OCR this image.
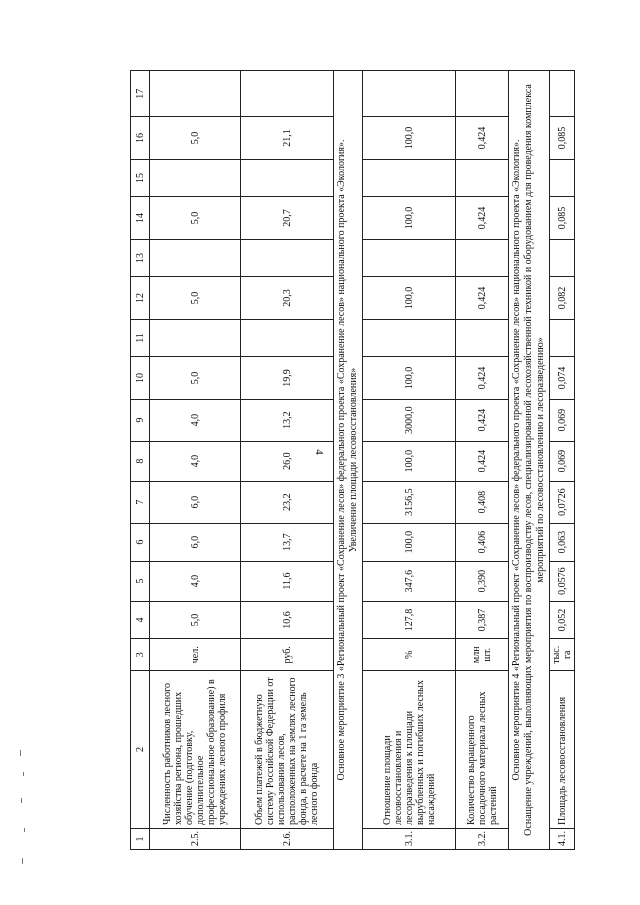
4
1	2	3	4	5	6	7	8	9	10	11	12	13	14	15	16	17
2.5.	Численность работников лесного хозяйства региона, прошедших обучение (подготовку, дополнительное профессиональное образование) в учреждениях лесного профиля	чел.	5,0	4,0	6,0	6,0	4,0	4,0	5,0		5,0		5,0		5,0	
2.6.	Объем платежей в бюджетную систему Российской Федерации от использования лесов, расположенных на землях лесного фонда, в расчете на 1 га земель лесного фонда	руб.	10,6	11,6	13,7	23,2	26,0	13,2	19,9		20,3		20,7		21,1	

Основное мероприятие 3 «Региональный проект «Сохранение лесов» федерального проекта «Сохранение лесов» национального проекта «Экология».
Увеличение площади лесовосстановления»																

3.1.	Отношение площади лесовосстановления и лесоразведения к площади вырубленных и погибших лесных насаждений	%	127,8	347,6	100,0	3156,5	100,0	3000,0	100,0		100,0		100,0		100,0	
3.2.	Количество выращенного посадочного материала лесных растений	млн шт.	0,387	0,390	0,406	0,408	0,424	0,424	0,424		0,424		0,424		0,424	

Основное мероприятие 4 «Региональный проект «Сохранение лесов» федерального проекта «Сохранение лесов» национального проекта «Экология».
Оснащение учреждений, выполняющих мероприятия по воспроизводству лесов, специализированной лесохозяйственной техникой и оборудованием для проведения комплекса мероприятий по лесовосстановлению и лесоразведению»																

4.1.	Площадь лесовосстановления	тыс. га	0,052	0,0576	0,063	0,0726	0,069	0,069	0,074		0,082		0,085		0,085	
